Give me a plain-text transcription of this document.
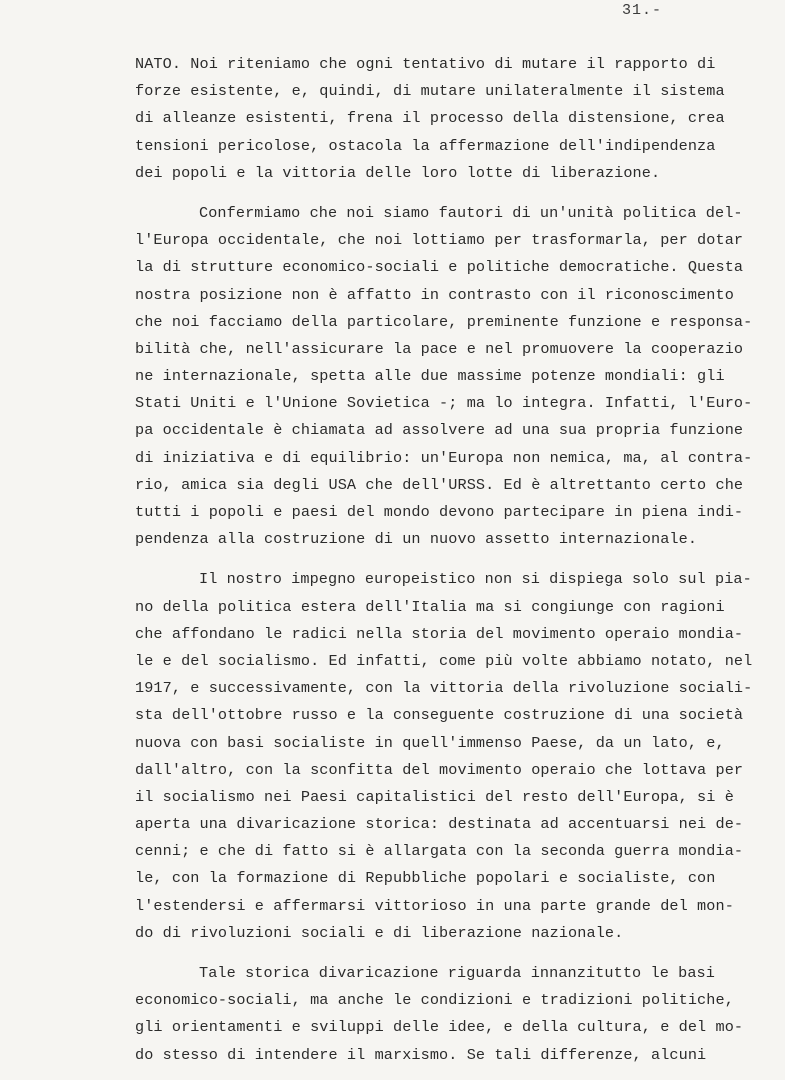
31.-
NATO. Noi riteniamo che ogni tentativo di mutare il rapporto di
forze esistente, e, quindi, di mutare unilateralmente il sistema
di alleanze esistenti, frena il processo della distensione, crea
tensioni pericolose, ostacola la affermazione dell'indipendenza
dei popoli e la vittoria delle loro lotte di liberazione.
Confermiamo che noi siamo fautori di un'unità politica del-
l'Europa occidentale, che noi lottiamo per trasformarla, per dotar
la di strutture economico-sociali e politiche democratiche. Questa
nostra posizione non è affatto in contrasto con il riconoscimento
che noi facciamo della particolare, preminente funzione e responsa-
bilità che, nell'assicurare la pace e nel promuovere la cooperazio
ne internazionale, spetta alle due massime potenze mondiali: gli
Stati Uniti e l'Unione Sovietica -; ma lo integra. Infatti, l'Euro-
pa occidentale è chiamata ad assolvere ad una sua propria funzione
di iniziativa e di equilibrio: un'Europa non nemica, ma, al contra-
rio, amica sia degli USA che dell'URSS. Ed è altrettanto certo che
tutti i popoli e paesi del mondo devono partecipare in piena indi-
pendenza alla costruzione di un nuovo assetto internazionale.
Il nostro impegno europeistico non si dispiega solo sul pia-
no della politica estera dell'Italia ma si congiunge con ragioni
che affondano le radici nella storia del movimento operaio mondia-
le e del socialismo. Ed infatti, come più volte abbiamo notato, nel
1917, e successivamente, con la vittoria della rivoluzione sociali-
sta dell'ottobre russo e la conseguente costruzione di una società
nuova con basi socialiste in quell'immenso Paese, da un lato, e,
dall'altro, con la sconfitta del movimento operaio che lottava per
il socialismo nei Paesi capitalistici del resto dell'Europa, si è
aperta una divaricazione storica: destinata ad accentuarsi nei de-
cenni; e che di fatto si è allargata con la seconda guerra mondia-
le, con la formazione di Repubbliche popolari e socialiste, con
l'estendersi e affermarsi vittorioso in una parte grande del mon-
do di rivoluzioni sociali e di liberazione nazionale.
Tale storica divaricazione riguarda innanzitutto le basi
economico-sociali, ma anche le condizioni e tradizioni politiche,
gli orientamenti e sviluppi delle idee, e della cultura, e del mo-
do stesso di intendere il marxismo. Se tali differenze, alcuni
